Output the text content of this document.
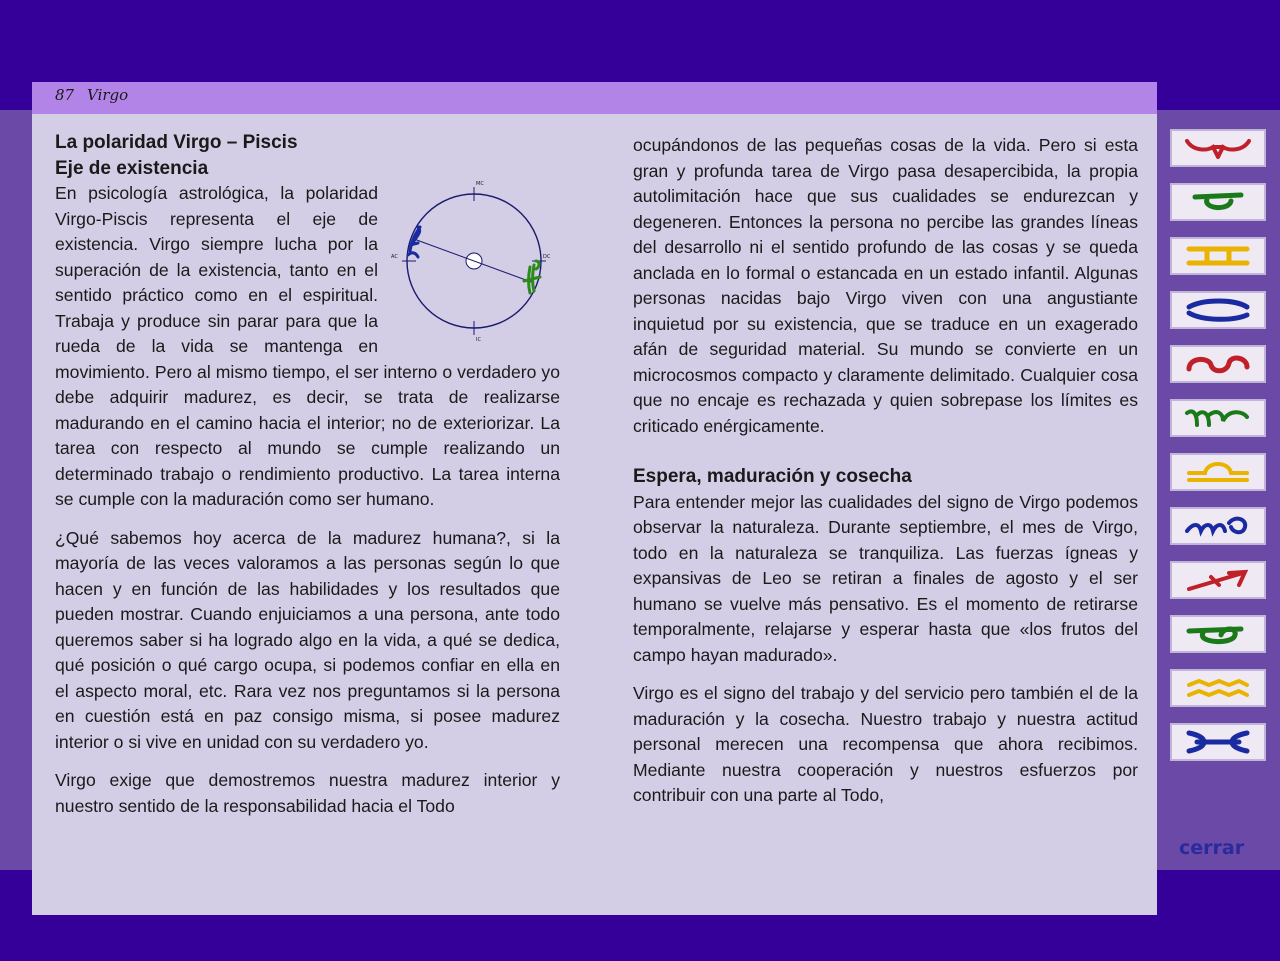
87 Virgo

La polaridad Virgo – Piscis

Eje de existencia

MC
IC
AC	DC

En psicología astrológica, la polaridad Virgo-Piscis representa el eje de existencia. Virgo siempre lucha por la superación de la existencia, tanto en el sentido práctico como en el espiritual. Trabaja y produce sin parar para que la rueda de la vida se mantenga en movimiento. Pero al mismo tiempo, el ser interno o verdadero yo debe adquirir madurez, es decir, se trata de realizarse madurando en el camino hacia el interior; no de exteriorizar. La tarea con respecto al mundo se cumple realizando un determinado trabajo o rendimiento productivo. La tarea interna se cumple con la maduración como ser humano.

¿Qué sabemos hoy acerca de la madurez humana?, si la mayoría de las veces valoramos a las personas según lo que hacen y en función de las habilidades y los resultados que pueden mostrar. Cuando enjuiciamos a una persona, ante todo queremos saber si ha logrado algo en la vida, a qué se dedica, qué posición o qué cargo ocupa, si podemos confiar en ella en el aspecto moral, etc. Rara vez nos preguntamos si la persona en cuestión está en paz consigo misma, si posee madurez interior o si vive en unidad con su verdadero yo.

Virgo exige que demostremos nuestra madurez interior y nuestro sentido de la responsabilidad hacia el Todo

ocupándonos de las pequeñas cosas de la vida. Pero si esta gran y profunda tarea de Virgo pasa desapercibida, la propia autolimitación hace que sus cualidades se endurezcan y degeneren. Entonces la persona no percibe las grandes líneas del desarrollo ni el sentido profundo de las cosas y se queda anclada en lo formal o estancada en un estado infantil. Algunas personas nacidas bajo Virgo viven con una angustiante inquietud por su existencia, que se traduce en un exagerado afán de seguridad material. Su mundo se convierte en un microcosmos compacto y claramente delimitado. Cualquier cosa que no encaje es rechazada y quien sobrepase los límites es criticado enérgicamente.

Espera, maduración y cosecha

Para entender mejor las cualidades del signo de Virgo podemos observar la naturaleza. Durante septiembre, el mes de Virgo, todo en la naturaleza se tranquiliza. Las fuerzas ígneas y expansivas de Leo se retiran a finales de agosto y el ser humano se vuelve más pensativo. Es el momento de retirarse temporalmente, relajarse y esperar hasta que «los frutos del campo hayan madurado».

Virgo es el signo del trabajo y del servicio pero también el de la maduración y la cosecha. Nuestro trabajo y nuestra actitud personal merecen una recompensa que ahora recibimos. Mediante nuestra cooperación y nuestros esfuerzos por contribuir con una parte al Todo,

cerrar
